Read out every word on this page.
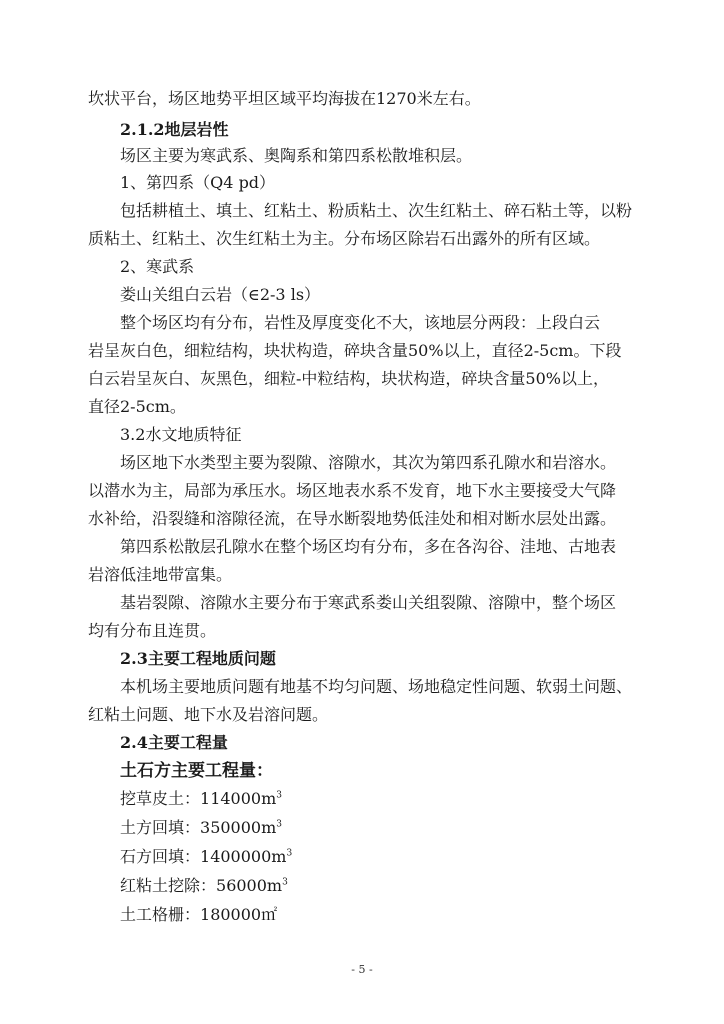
坎状平台，场区地势平坦区域平均海拔在1270米左右。
2.1.2地层岩性
场区主要为寒武系、奥陶系和第四系松散堆积层。
1、第四系（Q4 pd）
包括耕植土、填土、红粘土、粉质粘土、次生红粘土、碎石粘土等，以粉
质粘土、红粘土、次生红粘土为主。分布场区除岩石出露外的所有区域。
2、寒武系
娄山关组白云岩（∈2-3 ls）
整个场区均有分布，岩性及厚度变化不大，该地层分两段：上段白云
岩呈灰白色，细粒结构，块状构造，碎块含量50%以上，直径2-5cm。下段
白云岩呈灰白、灰黑色，细粒-中粒结构，块状构造，碎块含量50%以上，
直径2-5cm。
3.2水文地质特征
场区地下水类型主要为裂隙、溶隙水，其次为第四系孔隙水和岩溶水。
以潜水为主，局部为承压水。场区地表水系不发育，地下水主要接受大气降
水补给，沿裂缝和溶隙径流，在导水断裂地势低洼处和相对断水层处出露。
第四系松散层孔隙水在整个场区均有分布，多在各沟谷、洼地、古地表
岩溶低洼地带富集。
基岩裂隙、溶隙水主要分布于寒武系娄山关组裂隙、溶隙中，整个场区
均有分布且连贯。
2.3主要工程地质问题
本机场主要地质问题有地基不均匀问题、场地稳定性问题、软弱土问题、
红粘土问题、地下水及岩溶问题。
2.4主要工程量
土石方主要工程量：
挖草皮土：$114000m^3$
土方回填：$350000m^3$
石方回填：$1400000m^3$
红粘土挖除：$56000m^3$
土工格栅：180000㎡
- 5 -
